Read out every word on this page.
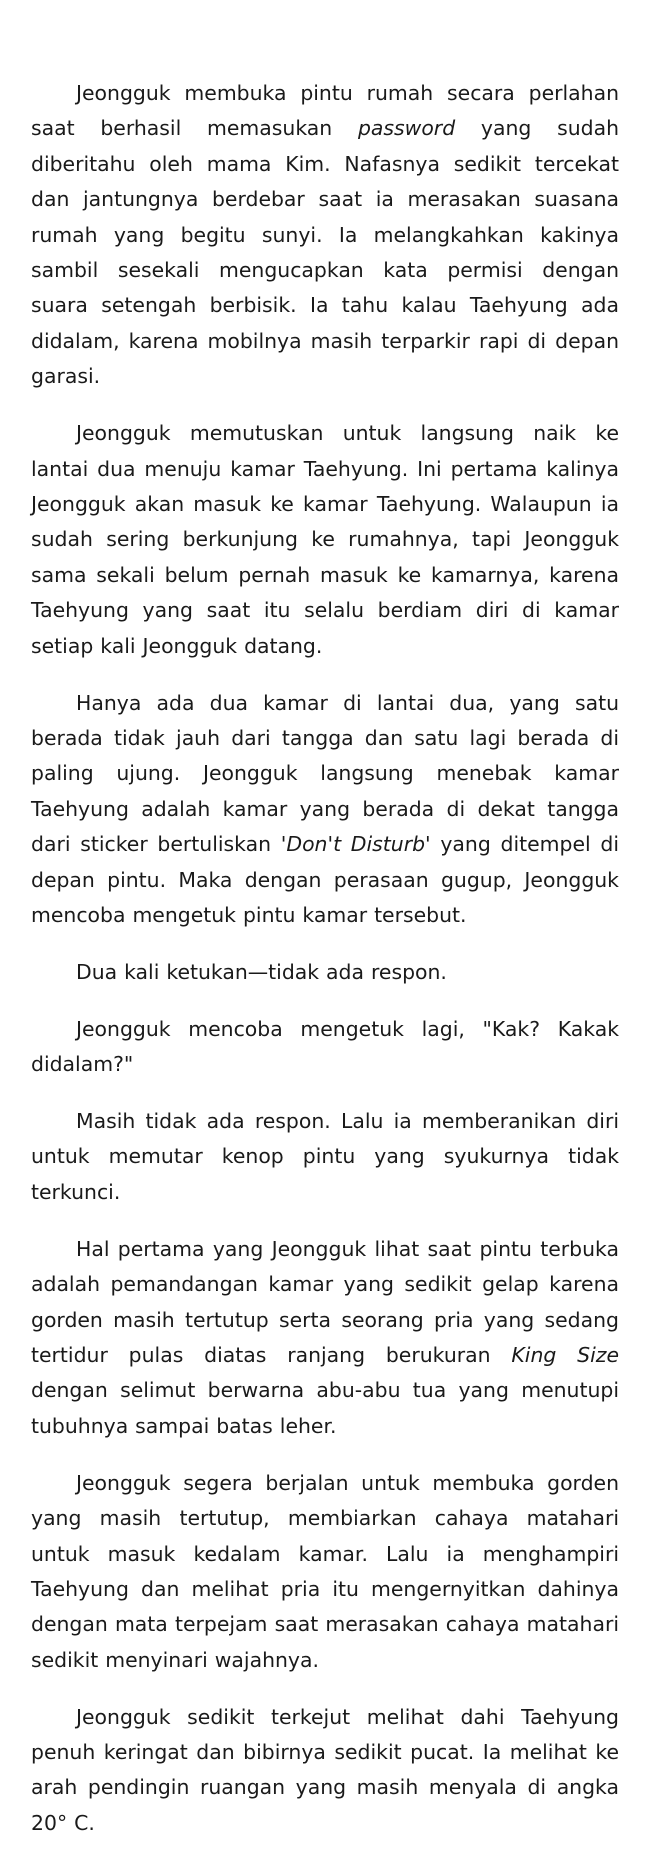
Jeongguk membuka pintu rumah secara perlahan saat berhasil memasukan password yang sudah diberitahu oleh mama Kim. Nafasnya sedikit tercekat dan jantungnya berdebar saat ia merasakan suasana rumah yang begitu sunyi. Ia melangkahkan kakinya sambil sesekali mengucapkan kata permisi dengan suara setengah berbisik. Ia tahu kalau Taehyung ada didalam, karena mobilnya masih terparkir rapi di depan garasi.

Jeongguk memutuskan untuk langsung naik ke lantai dua menuju kamar Taehyung. Ini pertama kalinya Jeongguk akan masuk ke kamar Taehyung. Walaupun ia sudah sering berkunjung ke rumahnya, tapi Jeongguk sama sekali belum pernah masuk ke kamarnya, karena Taehyung yang saat itu selalu berdiam diri di kamar setiap kali Jeongguk datang.

Hanya ada dua kamar di lantai dua, yang satu berada tidak jauh dari tangga dan satu lagi berada di paling ujung. Jeongguk langsung menebak kamar Taehyung adalah kamar yang berada di dekat tangga dari sticker bertuliskan 'Don't Disturb' yang ditempel di depan pintu. Maka dengan perasaan gugup, Jeongguk mencoba mengetuk pintu kamar tersebut.

Dua kali ketukan—tidak ada respon.

Jeongguk mencoba mengetuk lagi, "Kak? Kakak didalam?"

Masih tidak ada respon. Lalu ia memberanikan diri untuk memutar kenop pintu yang syukurnya tidak terkunci.

Hal pertama yang Jeongguk lihat saat pintu terbuka adalah pemandangan kamar yang sedikit gelap karena gorden masih tertutup serta seorang pria yang sedang tertidur pulas diatas ranjang berukuran King Size dengan selimut berwarna abu-abu tua yang menutupi tubuhnya sampai batas leher.

Jeongguk segera berjalan untuk membuka gorden yang masih tertutup, membiarkan cahaya matahari untuk masuk kedalam kamar. Lalu ia menghampiri Taehyung dan melihat pria itu mengernyitkan dahinya dengan mata terpejam saat merasakan cahaya matahari sedikit menyinari wajahnya.

Jeongguk sedikit terkejut melihat dahi Taehyung penuh keringat dan bibirnya sedikit pucat. Ia melihat ke arah pendingin ruangan yang masih menyala di angka 20° C.
